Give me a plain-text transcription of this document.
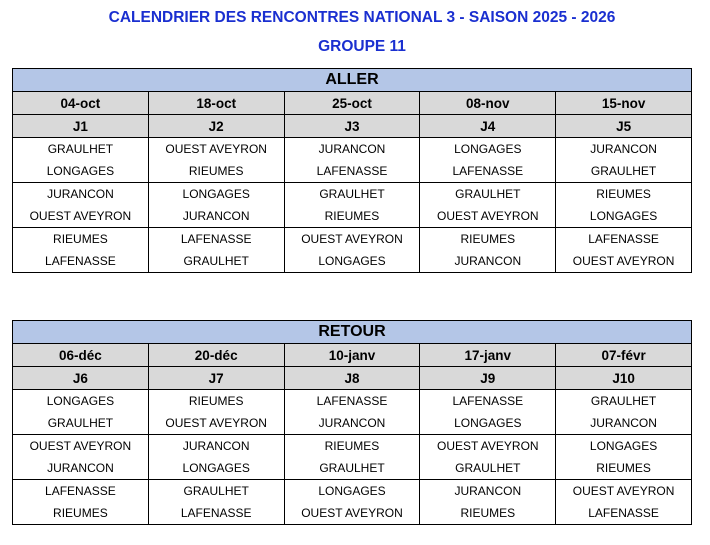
CALENDRIER DES RENCONTRES NATIONAL 3 - SAISON 2025 - 2026
GROUPE 11
ALLER				
04-oct	18-oct	25-oct	08-nov	15-nov
J1	J2	J3	J4	J5
GRAULHET	OUEST AVEYRON	JURANCON	LONGAGES	JURANCON
LONGAGES	RIEUMES	LAFENASSE	LAFENASSE	GRAULHET
JURANCON	LONGAGES	GRAULHET	GRAULHET	RIEUMES
OUEST AVEYRON	JURANCON	RIEUMES	OUEST AVEYRON	LONGAGES
RIEUMES	LAFENASSE	OUEST AVEYRON	RIEUMES	LAFENASSE
LAFENASSE	GRAULHET	LONGAGES	JURANCON	OUEST AVEYRON
RETOUR				
06-déc	20-déc	10-janv	17-janv	07-févr
J6	J7	J8	J9	J10
LONGAGES	RIEUMES	LAFENASSE	LAFENASSE	GRAULHET
GRAULHET	OUEST AVEYRON	JURANCON	LONGAGES	JURANCON
OUEST AVEYRON	JURANCON	RIEUMES	OUEST AVEYRON	LONGAGES
JURANCON	LONGAGES	GRAULHET	GRAULHET	RIEUMES
LAFENASSE	GRAULHET	LONGAGES	JURANCON	OUEST AVEYRON
RIEUMES	LAFENASSE	OUEST AVEYRON	RIEUMES	LAFENASSE
